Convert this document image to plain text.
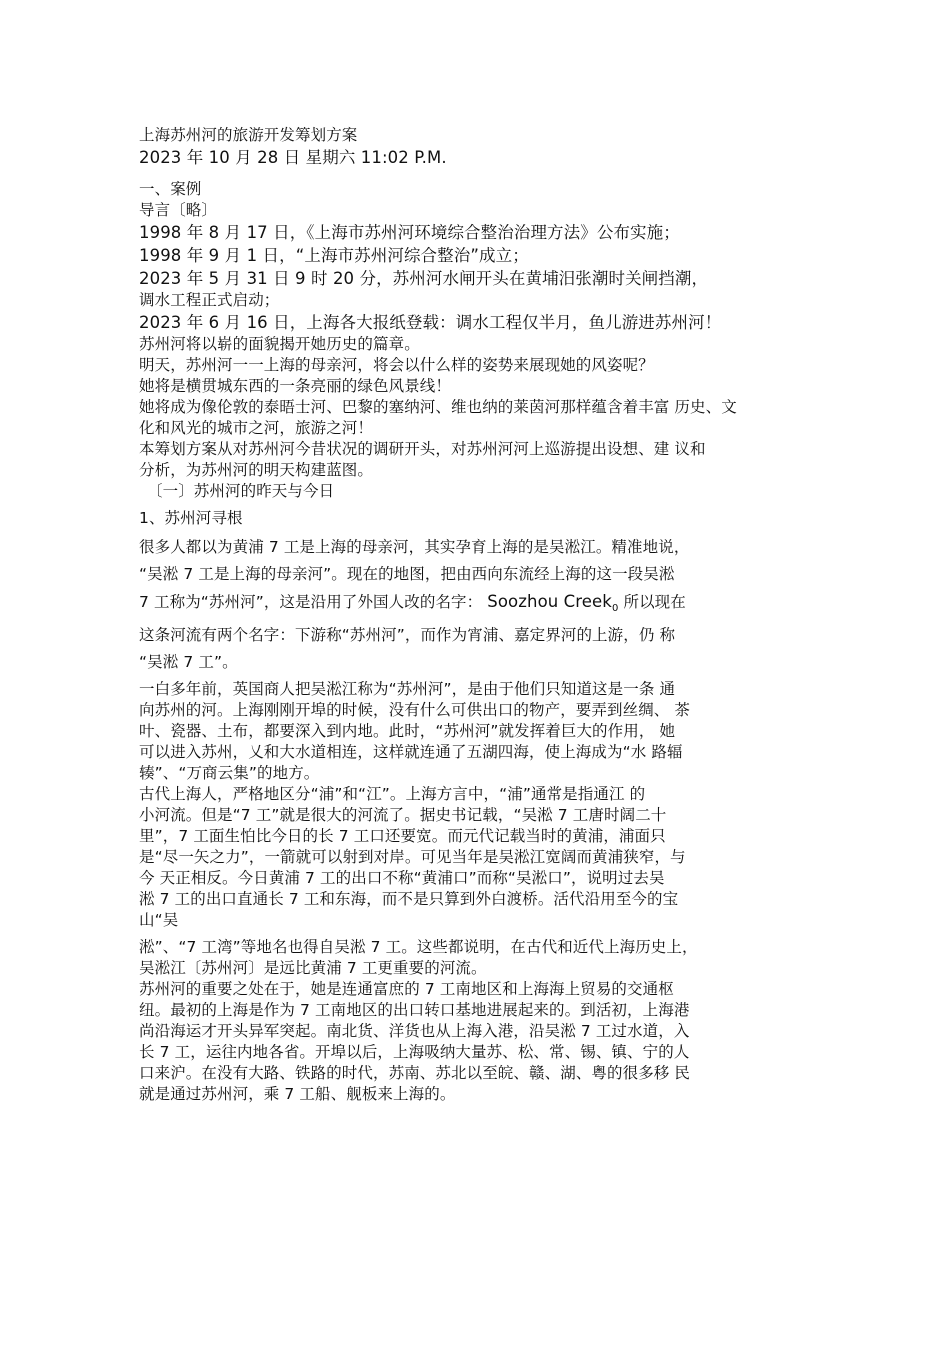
上海苏州河的旅游开发筹划方案
2023 年 10 月 28 日 星期六 11:02 P.M.
一、案例
导言〔略〕
1998 年 8 月 17 日，《上海市苏州河环境综合整治治理方法》公布实施；
1998 年 9 月 1 日，“上海市苏州河综合整治”成立；
2023 年 5 月 31 日 9 时 20 分，苏州河水闸开头在黄埔汨张潮时关闸挡潮，
调水工程正式启动；
2023 年 6 月 16 日，上海各大报纸登载：调水工程仅半月，鱼儿游进苏州河！
苏州河将以崭的面貌揭开她历史的篇章。
明天，苏州河一一上海的母亲河，将会以什么样的姿势来展现她的风姿呢？
她将是横贯城东西的一条亮丽的绿色风景线！
她将成为像伦敦的泰晤士河、巴黎的塞纳河、维也纳的莱茵河那样蕴含着丰富 历史、文
化和风光的城市之河，旅游之河！
本筹划方案从对苏州河今昔状况的调研开头，对苏州河河上巡游提出设想、建 议和
分析，为苏州河的明天构建蓝图。
〔一〕苏州河的昨天与今日
1、苏州河寻根
很多人都以为黄浦 7 工是上海的母亲河，其实孕育上海的是吴淞江。精准地说，
“吴淞 7 工是上海的母亲河”。现在的地图，把由西向东流经上海的这一段吴淞
7 工称为“苏州河”，这是沿用了外国人改的名字： Soozhou Creek$_0$ 所以现在
这条河流有两个名字：下游称“苏州河”，而作为宵浦、嘉定界河的上游，仍 称
“吴淞 7 工”。
一白多年前，英国商人把吴淞江称为“苏州河”，是由于他们只知道这是一条 通
向苏州的河。上海刚刚开埠的时候，没有什么可供出口的物产，要弄到丝绸、 茶
叶、瓷器、土布，都要深入到内地。此时，“苏州河”就发挥着巨大的作用， 她
可以进入苏州，乂和大水道相连，这样就连通了五湖四海，使上海成为“水 路辐
辏”、“万商云集”的地方。
古代上海人，严格地区分“浦”和“江”。上海方言中，“浦”通常是指通江 的
小河流。但是“7 工”就是很大的河流了。据史书记载，“吴淞 7 工唐时阔二十
里”，7 工面生怕比今日的长 7 工口还要宽。而元代记载当时的黄浦，浦面只
是“尽一矢之力”，一箭就可以射到对岸。可见当年是吴淞江宽阔而黄浦狭窄，与
今 天正相反。今日黄浦 7 工的出口不称“黄浦口”而称“吴淞口”，说明过去吴
淞 7 工的出口直通长 7 工和东海，而不是只算到外白渡桥。活代沿用至今的宝
山“吴
淞”、“7 工湾”等地名也得自吴淞 7 工。这些都说明，在古代和近代上海历史上，
吴淞江〔苏州河〕是远比黄浦 7 工更重要的河流。
苏州河的重要之处在于，她是连通富庶的 7 工南地区和上海海上贸易的交通枢
纽。最初的上海是作为 7 工南地区的出口转口基地进展起来的。到活初，上海港
尚沿海运才开头异军突起。南北货、洋货也从上海入港，沿吴淞 7 工过水道，入
长 7 工，运往内地各省。开埠以后，上海吸纳大量苏、松、常、锡、镇、宁的人
口来沪。在没有大路、铁路的时代，苏南、苏北以至皖、赣、湖、粤的很多移 民
就是通过苏州河，乘 7 工船、舰板来上海的。
